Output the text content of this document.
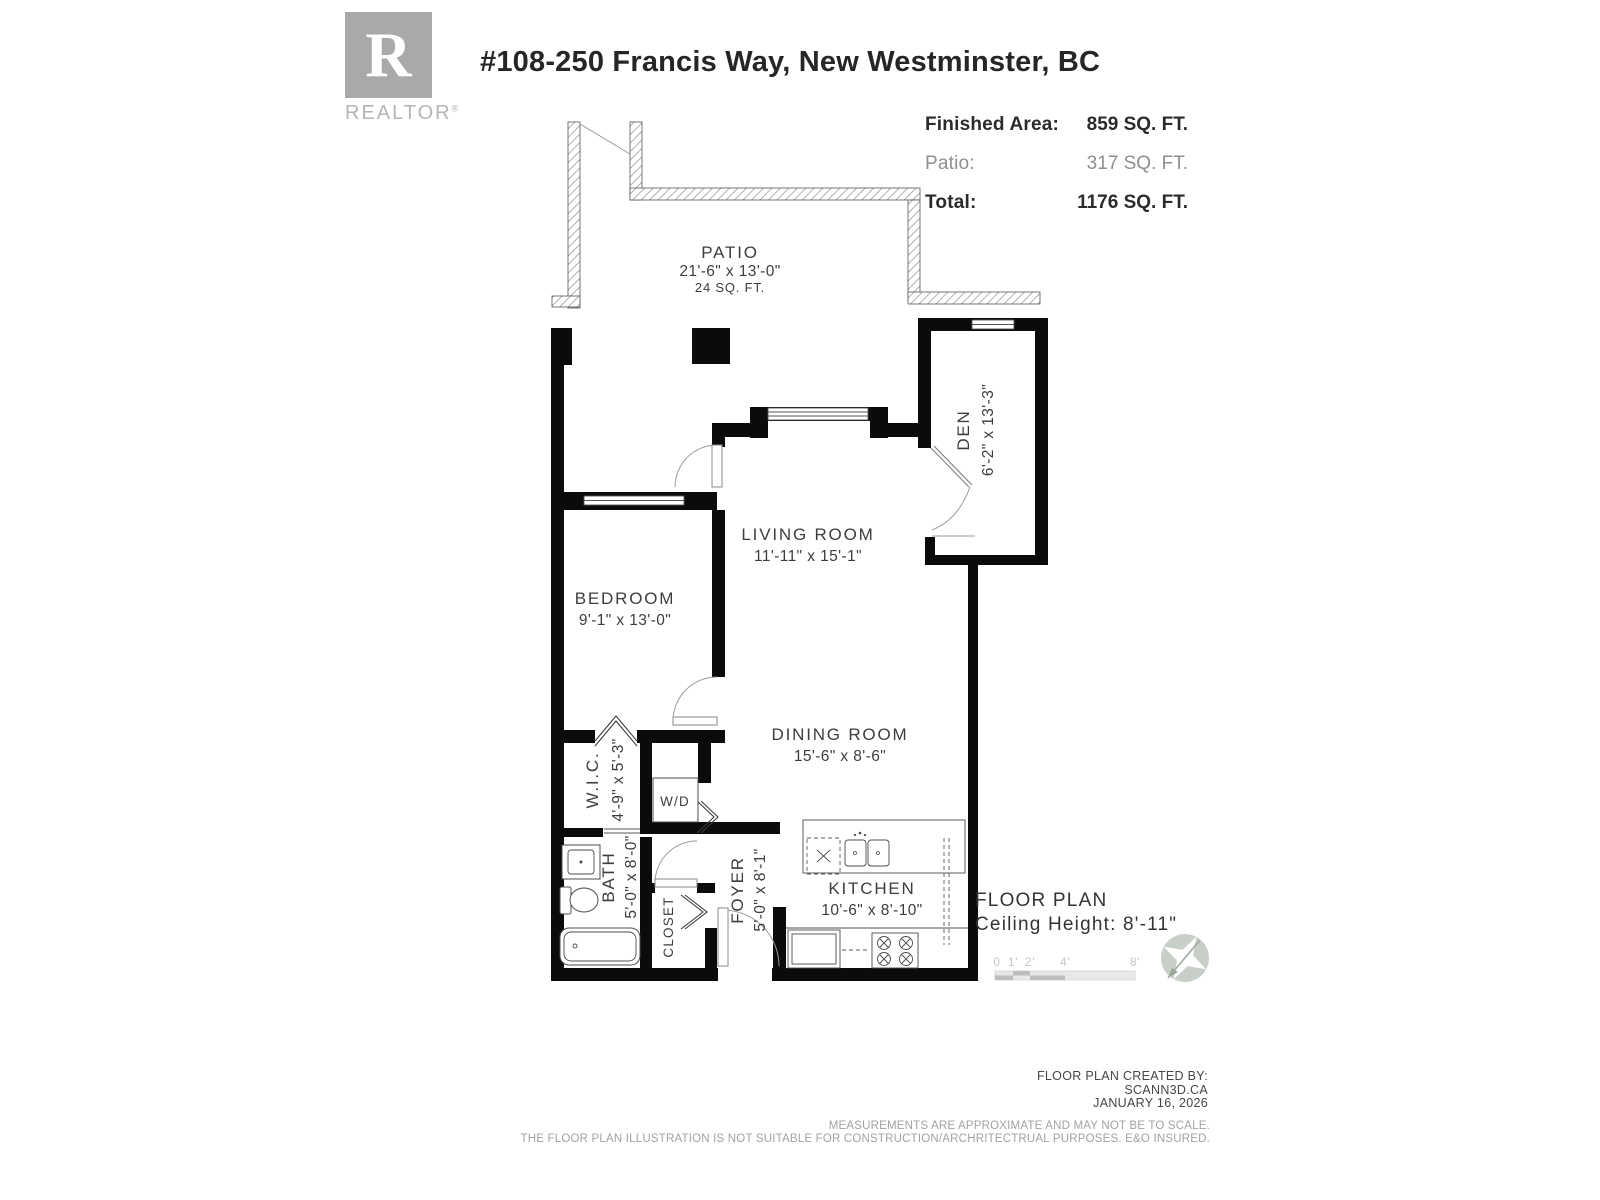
R
REALTOR®
#108-250 Francis Way, New Westminster, BC
Finished Area: 859 SQ. FT.
Patio:	317 SQ. FT.
Total:	1176 SQ. FT.
PATIO
21'-6" x 13'-0"
24 SQ. FT.
DEN 6'-2" x 13'-3"
LIVING ROOM
11'-11" x 15'-1"
BEDROOM
9'-1" x 13'-0"
W.I.C. 4'-9" x 5'-3" W/D
BATH 5'-0" x 8'-0"
CLOSET
FOYER 5'-0" x 8'-1"
DINING ROOM
15'-6" x 8'-6"
KITCHEN
10'-6" x 8'-10"	FLOOR PLAN
Ceiling Height: 8'-11"
0 1' 2' 4'	8'
FLOOR PLAN CREATED BY:
SCANN3D.CA
JANUARY 16, 2026
MEASUREMENTS ARE APPROXIMATE AND MAY NOT BE TO SCALE.
THE FLOOR PLAN ILLUSTRATION IS NOT SUITABLE FOR CONSTRUCTION/ARCHRITECTRUAL PURPOSES. E&O INSURED.
